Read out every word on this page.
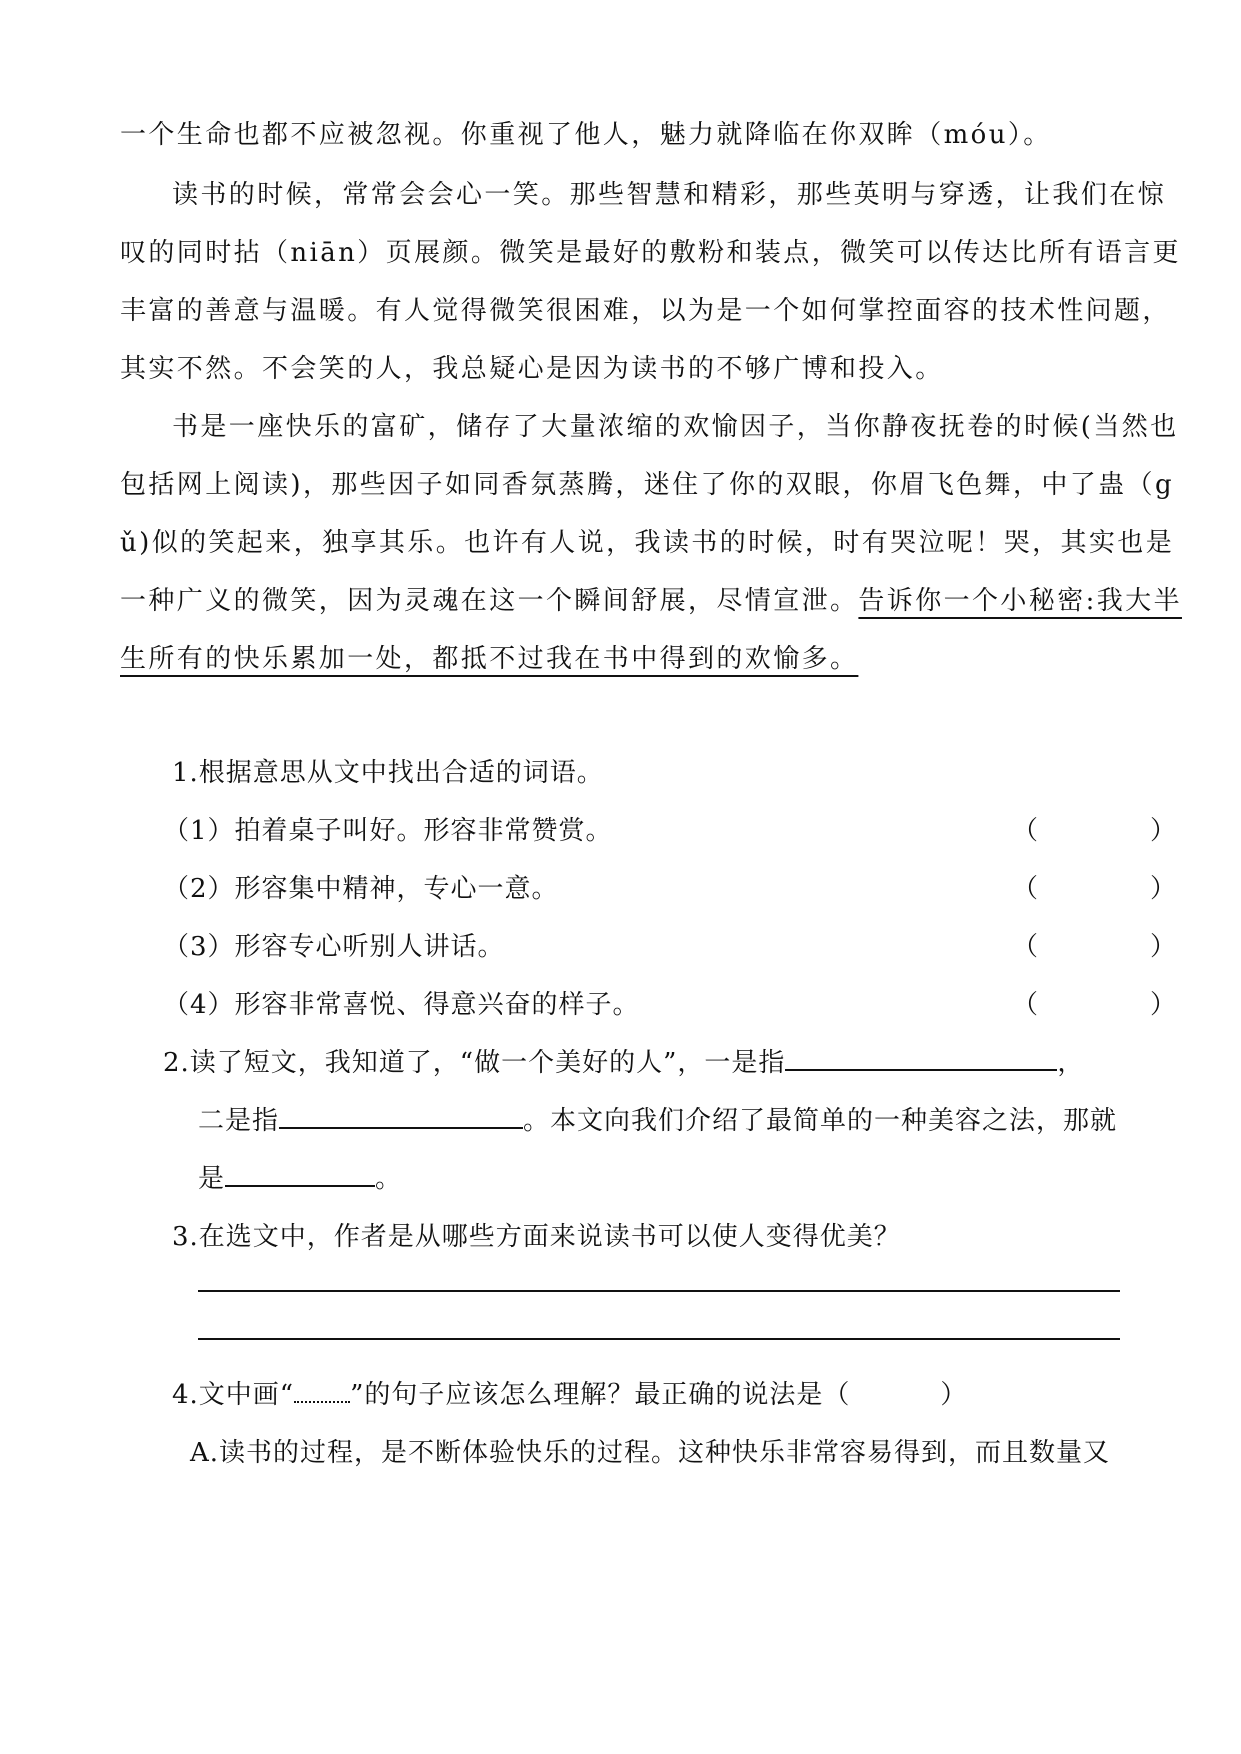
一个生命也都不应被忽视。你重视了他人，魅力就降临在你双眸（móu）。
读书的时候，常常会会心一笑。那些智慧和精彩，那些英明与穿透，让我们在惊
叹的同时拈（niān）页展颜。微笑是最好的敷粉和装点，微笑可以传达比所有语言更
丰富的善意与温暖。有人觉得微笑很困难，以为是一个如何掌控面容的技术性问题，
其实不然。不会笑的人，我总疑心是因为读书的不够广博和投入。
书是一座快乐的富矿，储存了大量浓缩的欢愉因子，当你静夜抚卷的时候(当然也
包括网上阅读)，那些因子如同香氛蒸腾，迷住了你的双眼，你眉飞色舞，中了蛊（g
ǔ)似的笑起来，独享其乐。也许有人说，我读书的时候，时有哭泣呢！哭，其实也是
一种广义的微笑，因为灵魂在这一个瞬间舒展，尽情宣泄。告诉你一个小秘密:我大半
生所有的快乐累加一处，都抵不过我在书中得到的欢愉多。
1.根据意思从文中找出合适的词语。
（1）拍着桌子叫好。形容非常赞赏。	（	）
（2）形容集中精神，专心一意。	（	）
（3）形容专心听别人讲话。	（	）
（4）形容非常喜悦、得意兴奋的样子。	（	）
2.读了短文，我知道了，“做一个美好的人”，一是指	，
二是指	。本文向我们介绍了最简单的一种美容之法，那就
是	。
3.在选文中，作者是从哪些方面来说读书可以使人变得优美？
4.文中画“ ”的句子应该怎么理解？最正确的说法是（	）
A.读书的过程，是不断体验快乐的过程。这种快乐非常容易得到，而且数量又
